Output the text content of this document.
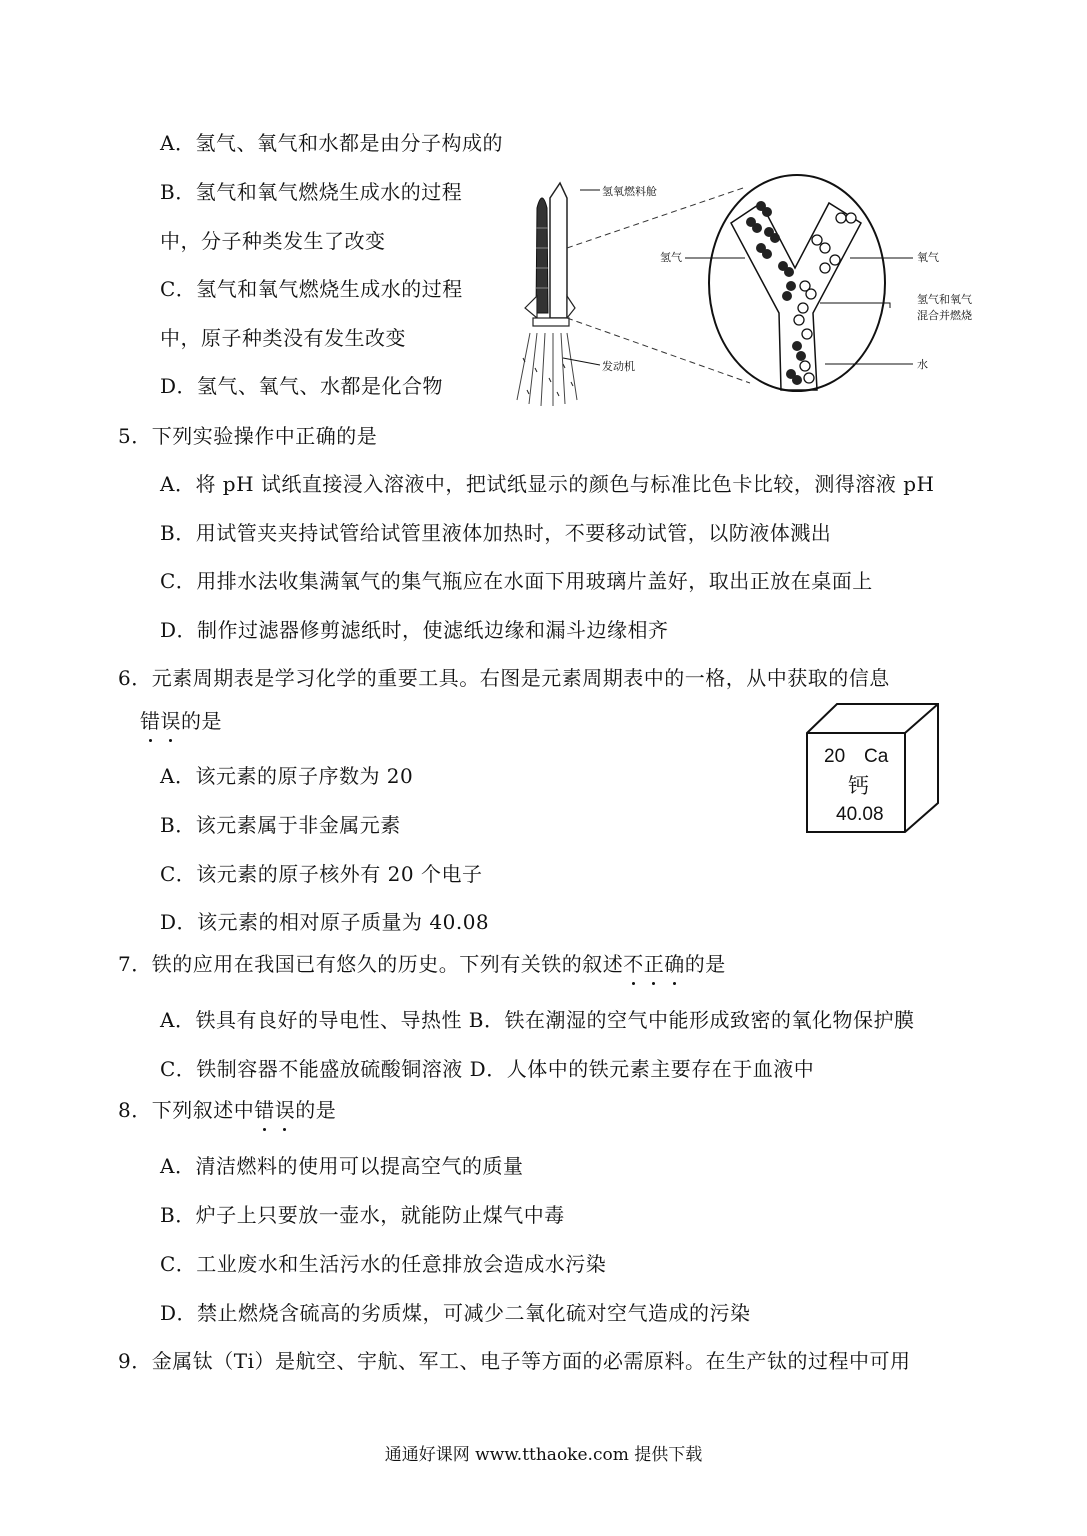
A．氢气、氧气和水都是由分子构成的
B．氢气和氧气燃烧生成水的过程
中，分子种类发生了改变
C．氢气和氧气燃烧生成水的过程
中，原子种类没有发生改变
D．氢气、氧气、水都是化合物
氢氧燃料舱
氢气	氧气
氢气和氧气
混合并燃烧
发动机	水
5．下列实验操作中正确的是
A．将 pH 试纸直接浸入溶液中，把试纸显示的颜色与标准比色卡比较，测得溶液 pH
B．用试管夹夹持试管给试管里液体加热时，不要移动试管，以防液体溅出
C．用排水法收集满氧气的集气瓶应在水面下用玻璃片盖好，取出正放在桌面上
D．制作过滤器修剪滤纸时，使滤纸边缘和漏斗边缘相齐
6．元素周期表是学习化学的重要工具。右图是元素周期表中的一格，从中获取的信息
错误的是
A．该元素的原子序数为 20
B．该元素属于非金属元素
C．该元素的原子核外有 20 个电子
D．该元素的相对原子质量为 40.08
20 Ca
钙
40.08
7．铁的应用在我国已有悠久的历史。下列有关铁的叙述不正确的是
A．铁具有良好的导电性、导热性 B．铁在潮湿的空气中能形成致密的氧化物保护膜
C．铁制容器不能盛放硫酸铜溶液 D．人体中的铁元素主要存在于血液中
8．下列叙述中错误的是
A．清洁燃料的使用可以提高空气的质量
B．炉子上只要放一壶水，就能防止煤气中毒
C．工业废水和生活污水的任意排放会造成水污染
D．禁止燃烧含硫高的劣质煤，可减少二氧化硫对空气造成的污染
9．金属钛（Ti）是航空、宇航、军工、电子等方面的必需原料。在生产钛的过程中可用
通通好课网 www.tthaoke.com 提供下载
